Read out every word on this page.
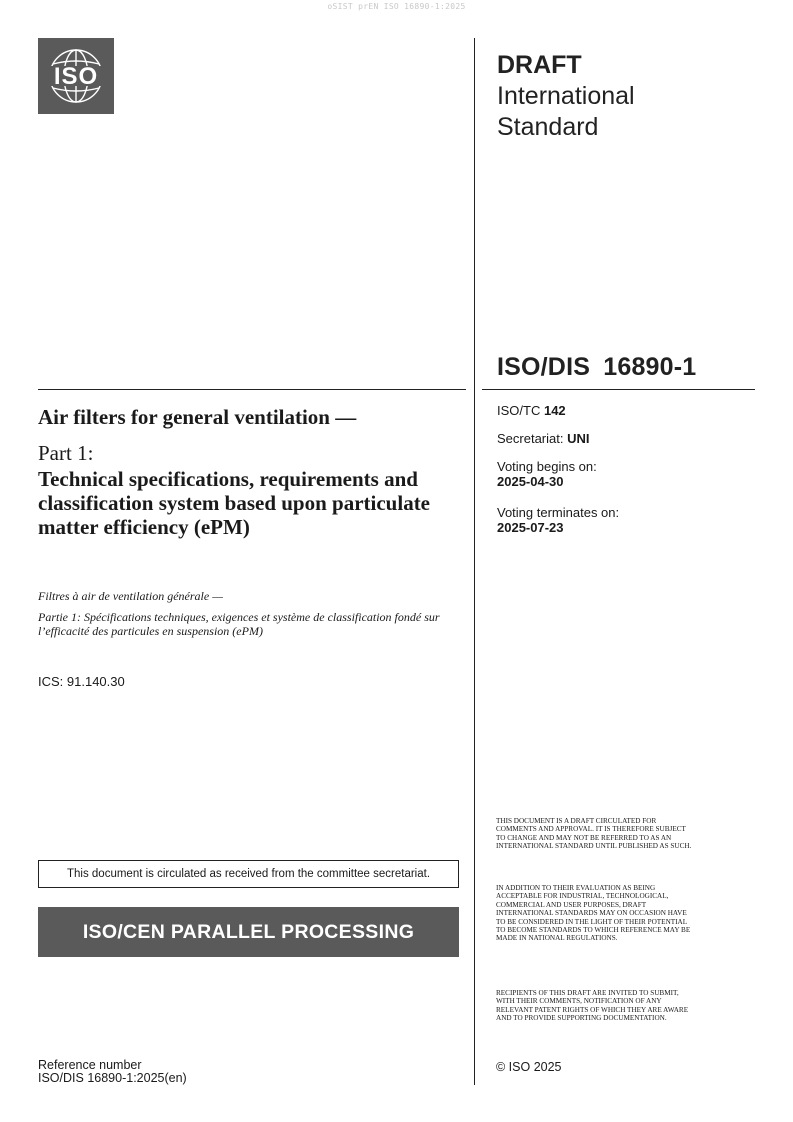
oSIST prEN ISO 16890-1:2025
ISO	DRAFT
International
Standard
ISO/DIS 16890-1
ISO/TC 142
Secretariat: UNI
Voting begins on:
2025-04-30
Voting terminates on:
2025-07-23
Air filters for general ventilation —
Part 1:
Technical specifications, requirements and classification system based upon particulate matter efficiency (ePM)
Filtres à air de ventilation générale —
Partie 1: Spécifications techniques, exigences et système de classification fondé sur l’efficacité des particules en suspension (ePM)
ICS: 91.140.30
This document is circulated as received from the committee secretariat.
ISO/CEN PARALLEL PROCESSING
Reference number
ISO/DIS 16890-1:2025(en)
THIS DOCUMENT IS A DRAFT CIRCULATED FOR COMMENTS AND APPROVAL. IT IS THEREFORE SUBJECT TO CHANGE AND MAY NOT BE REFERRED TO AS AN INTERNATIONAL STANDARD UNTIL PUBLISHED AS SUCH.
IN ADDITION TO THEIR EVALUATION AS BEING ACCEPTABLE FOR INDUSTRIAL, TECHNOLOGICAL, COMMERCIAL AND USER PURPOSES, DRAFT INTERNATIONAL STANDARDS MAY ON OCCASION HAVE TO BE CONSIDERED IN THE LIGHT OF THEIR POTENTIAL TO BECOME STANDARDS TO WHICH REFERENCE MAY BE MADE IN NATIONAL REGULATIONS.
RECIPIENTS OF THIS DRAFT ARE INVITED TO SUBMIT, WITH THEIR COMMENTS, NOTIFICATION OF ANY RELEVANT PATENT RIGHTS OF WHICH THEY ARE AWARE AND TO PROVIDE SUPPORTING DOCUMENTATION.
© ISO 2025
